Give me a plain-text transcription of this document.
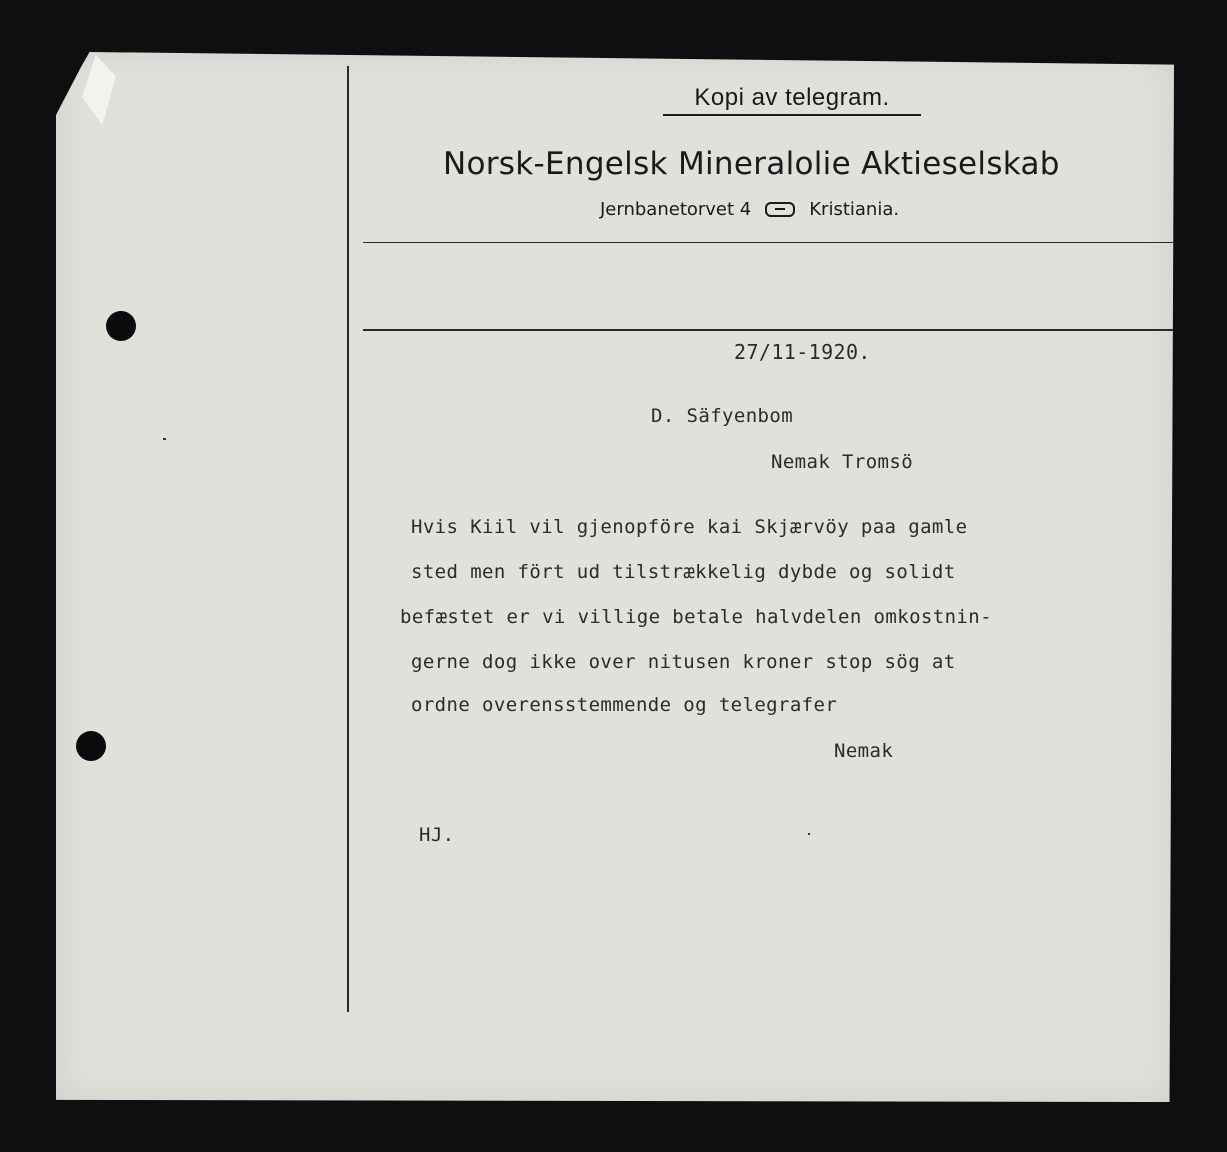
Kopi av telegram.
Norsk-Engelsk Mineralolie Aktieselskab
Jernbanetorvet 4	Kristiania.
27/11-1920.
D. Säfyenbom
Nemak Tromsö
Hvis Kiil vil gjenopföre kai Skjærvöy paa gamle
sted men fört ud tilstrækkelig dybde og solidt
befæstet er vi villige betale halvdelen omkostnin-
gerne dog ikke over nitusen kroner stop sög at
ordne overensstemmende og telegrafer
Nemak
HJ.
